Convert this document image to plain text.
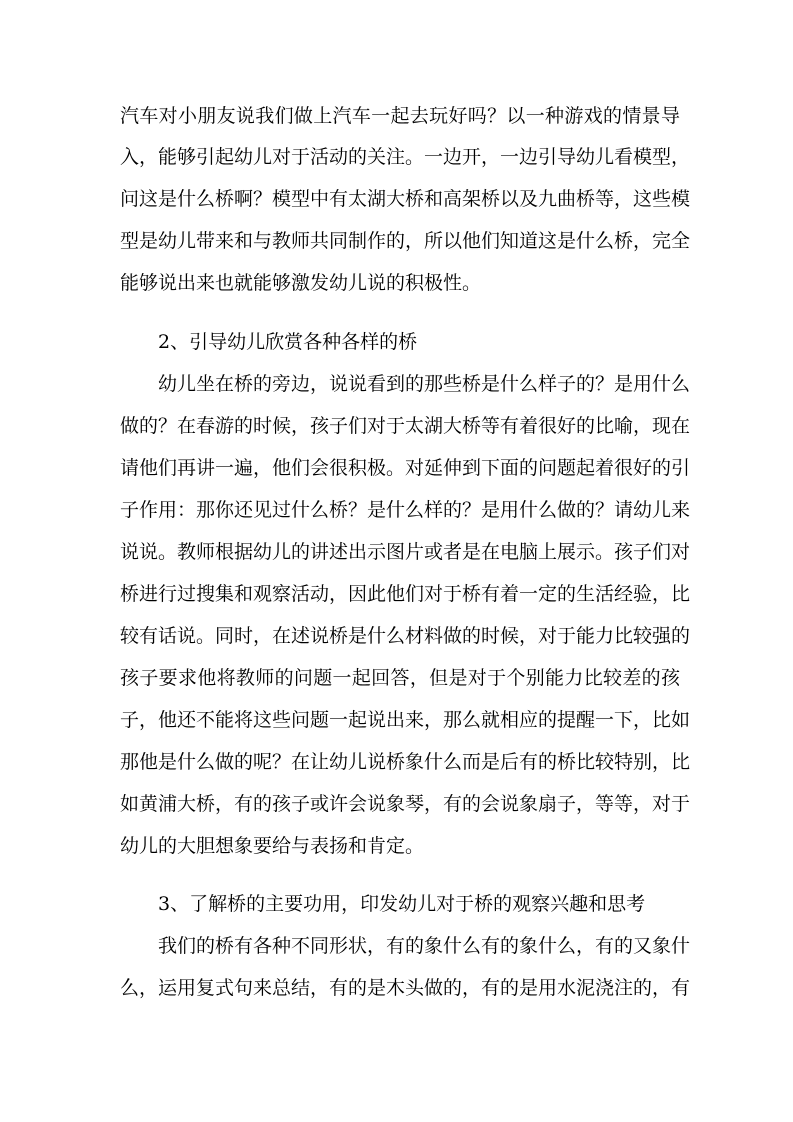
汽车对小朋友说我们做上汽车一起去玩好吗？以一种游戏的情景导
入，能够引起幼儿对于活动的关注。一边开，一边引导幼儿看模型，
问这是什么桥啊？模型中有太湖大桥和高架桥以及九曲桥等，这些模
型是幼儿带来和与教师共同制作的，所以他们知道这是什么桥，完全
能够说出来也就能够激发幼儿说的积极性。
2、引导幼儿欣赏各种各样的桥
幼儿坐在桥的旁边，说说看到的那些桥是什么样子的？是用什么
做的？在春游的时候，孩子们对于太湖大桥等有着很好的比喻，现在
请他们再讲一遍，他们会很积极。对延伸到下面的问题起着很好的引
子作用：那你还见过什么桥？是什么样的？是用什么做的？请幼儿来
说说。教师根据幼儿的讲述出示图片或者是在电脑上展示。孩子们对
桥进行过搜集和观察活动，因此他们对于桥有着一定的生活经验，比
较有话说。同时，在述说桥是什么材料做的时候，对于能力比较强的
孩子要求他将教师的问题一起回答，但是对于个别能力比较差的孩
子，他还不能将这些问题一起说出来，那么就相应的提醒一下，比如
那他是什么做的呢？在让幼儿说桥象什么而是后有的桥比较特别，比
如黄浦大桥，有的孩子或许会说象琴，有的会说象扇子，等等，对于
幼儿的大胆想象要给与表扬和肯定。
3、了解桥的主要功用，印发幼儿对于桥的观察兴趣和思考
我们的桥有各种不同形状，有的象什么有的象什么，有的又象什
么，运用复式句来总结，有的是木头做的，有的是用水泥浇注的，有
